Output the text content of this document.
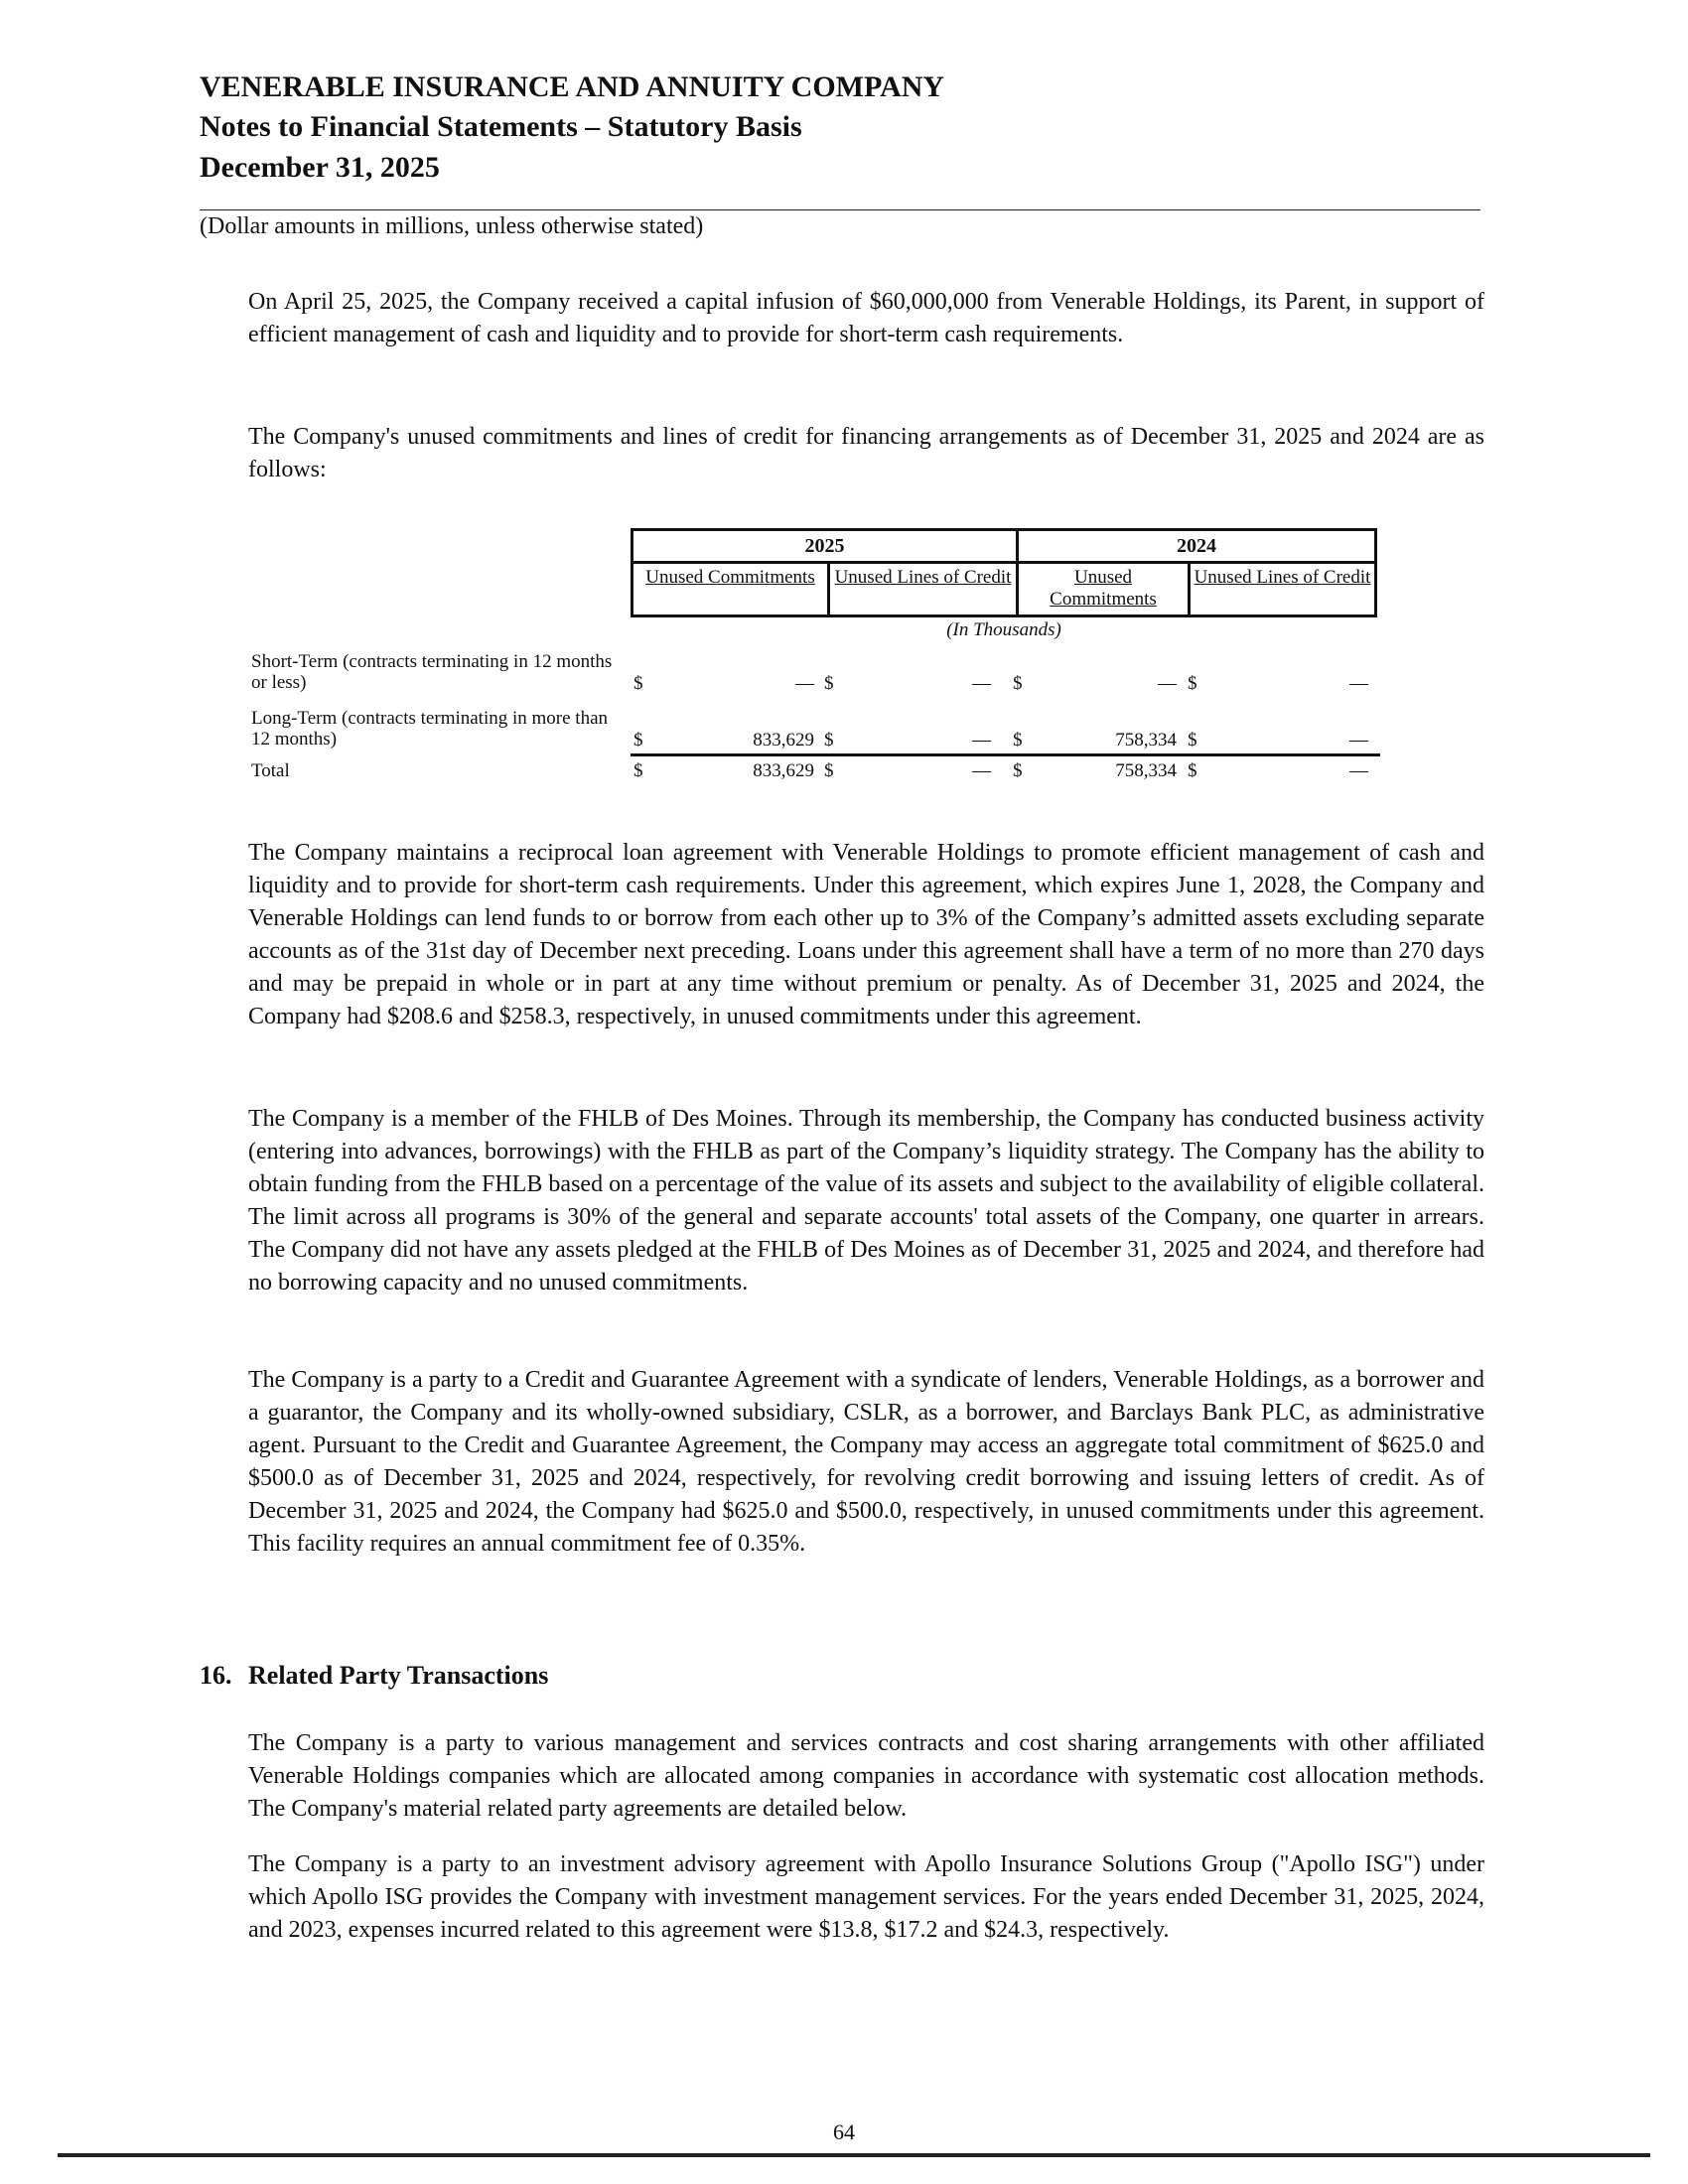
VENERABLE INSURANCE AND ANNUITY COMPANY
Notes to Financial Statements – Statutory Basis
December 31, 2025
(Dollar amounts in millions, unless otherwise stated)

On April 25, 2025, the Company received a capital infusion of $60,000,000 from Venerable Holdings, its Parent, in support of efficient management of cash and liquidity and to provide for short-term cash requirements.

The Company's unused commitments and lines of credit for financing arrangements as of December 31, 2025 and 2024 are as follows:

2025	2024
Unused Commitments	Unused Lines of Credit	Unused Commitments
Unused Lines of Credit
(In Thousands)
Short-Term (contracts terminating in 12 months or less)	$	— $	— $	— $	—
Long-Term (contracts terminating in more than 12 months)	$	833,629 $	— $	758,334 $	—
Total	$	833,629 $	— $	758,334 $	—

The Company maintains a reciprocal loan agreement with Venerable Holdings to promote efficient management of cash and liquidity and to provide for short-term cash requirements. Under this agreement, which expires June 1, 2028, the Company and Venerable Holdings can lend funds to or borrow from each other up to 3% of the Company’s admitted assets excluding separate accounts as of the 31st day of December next preceding. Loans under this agreement shall have a term of no more than 270 days and may be prepaid in whole or in part at any time without premium or penalty. As of December 31, 2025 and 2024, the Company had $208.6 and $258.3, respectively, in unused commitments under this agreement.

The Company is a member of the FHLB of Des Moines. Through its membership, the Company has conducted business activity (entering into advances, borrowings) with the FHLB as part of the Company’s liquidity strategy. The Company has the ability to obtain funding from the FHLB based on a percentage of the value of its assets and subject to the availability of eligible collateral. The limit across all programs is 30% of the general and separate accounts' total assets of the Company, one quarter in arrears. The Company did not have any assets pledged at the FHLB of Des Moines as of December 31, 2025 and 2024, and therefore had no borrowing capacity and no unused commitments.

The Company is a party to a Credit and Guarantee Agreement with a syndicate of lenders, Venerable Holdings, as a borrower and a guarantor, the Company and its wholly-owned subsidiary, CSLR, as a borrower, and Barclays Bank PLC, as administrative agent. Pursuant to the Credit and Guarantee Agreement, the Company may access an aggregate total commitment of $625.0 and $500.0 as of December 31, 2025 and 2024, respectively, for revolving credit borrowing and issuing letters of credit. As of December 31, 2025 and 2024, the Company had $625.0 and $500.0, respectively, in unused commitments under this agreement. This facility requires an annual commitment fee of 0.35%.

16. Related Party Transactions

The Company is a party to various management and services contracts and cost sharing arrangements with other affiliated Venerable Holdings companies which are allocated among companies in accordance with systematic cost allocation methods. The Company's material related party agreements are detailed below.

The Company is a party to an investment advisory agreement with Apollo Insurance Solutions Group ("Apollo ISG") under which Apollo ISG provides the Company with investment management services. For the years ended December 31, 2025, 2024, and 2023, expenses incurred related to this agreement were $13.8, $17.2 and $24.3, respectively.

64
